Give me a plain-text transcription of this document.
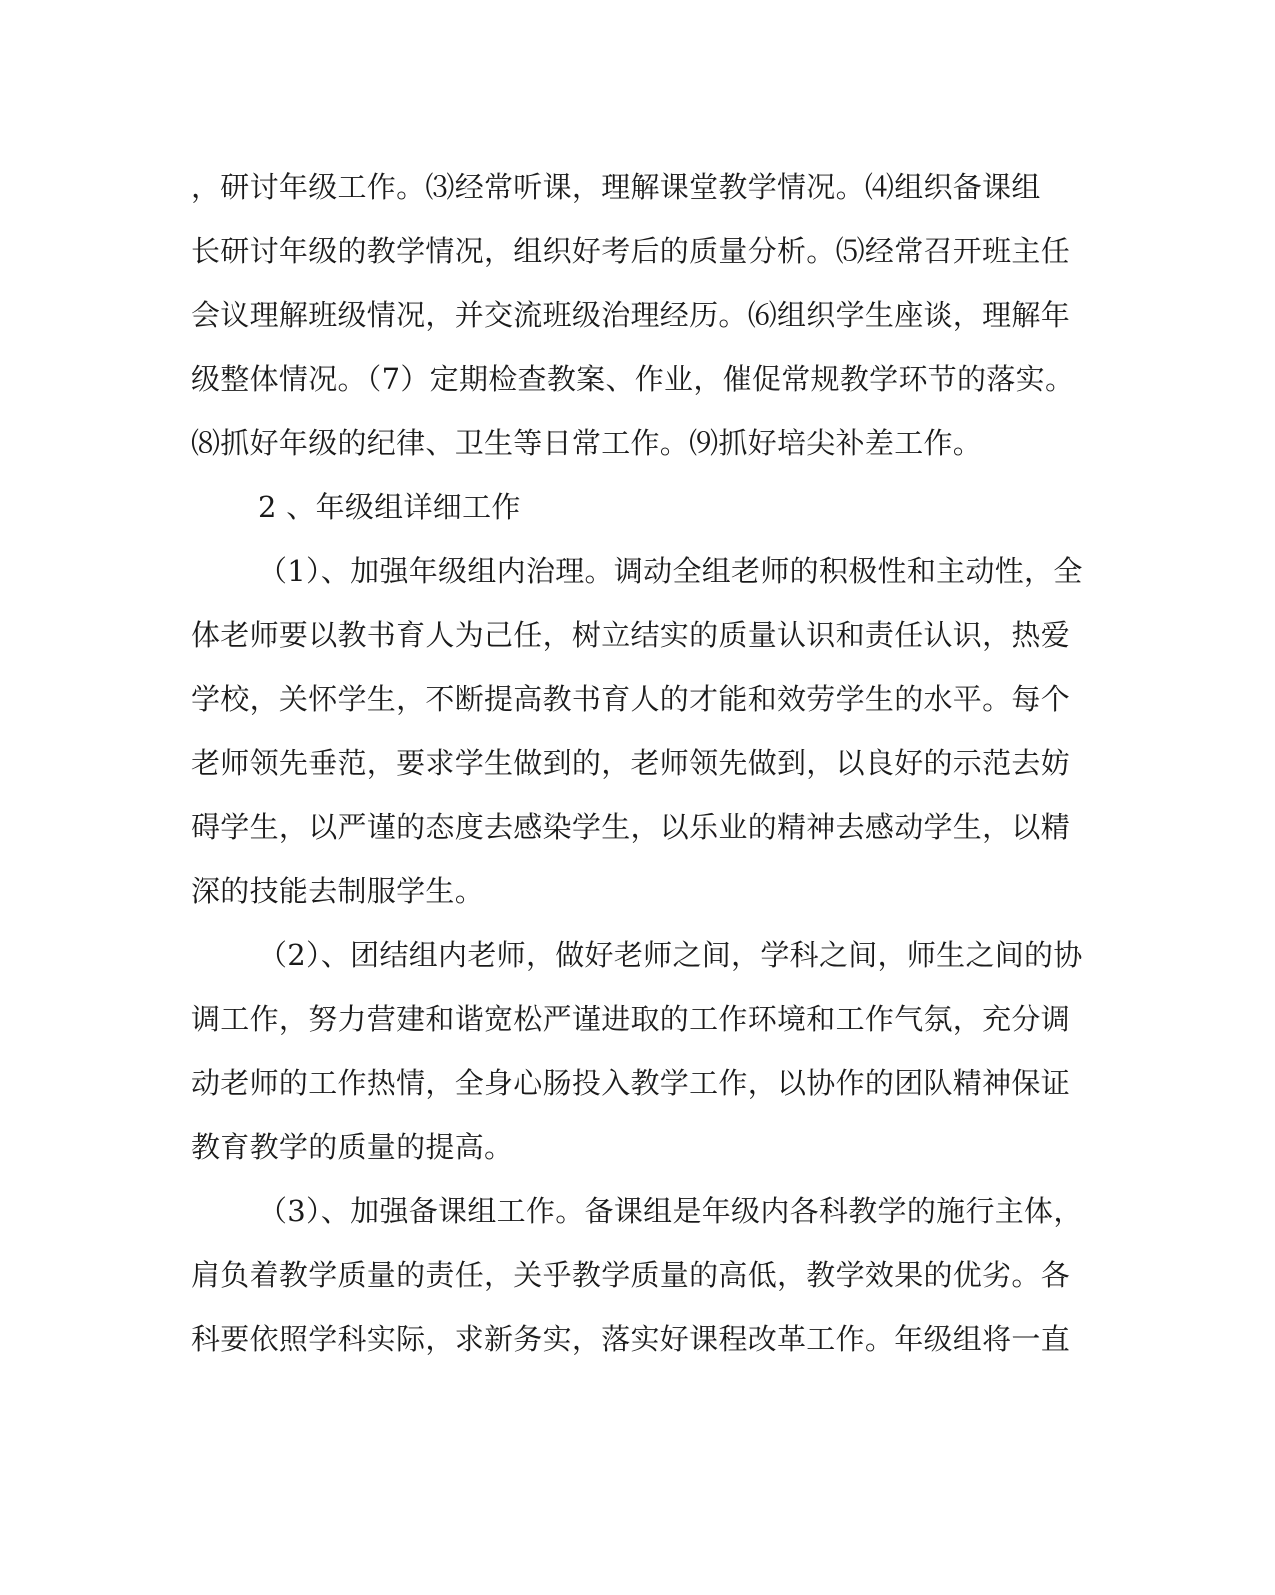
，研讨年级工作。⑶经常听课，理解课堂教学情况。⑷组织备课组
长研讨年级的教学情况，组织好考后的质量分析。⑸经常召开班主任
会议理解班级情况，并交流班级治理经历。⑹组织学生座谈，理解年
级整体情况。（7）定期检查教案、作业，催促常规教学环节的落实。
⑻抓好年级的纪律、卫生等日常工作。⑼抓好培尖补差工作。
2 、年级组详细工作
（1）、加强年级组内治理。调动全组老师的积极性和主动性，全
体老师要以教书育人为己任，树立结实的质量认识和责任认识，热爱
学校，关怀学生，不断提高教书育人的才能和效劳学生的水平。每个
老师领先垂范，要求学生做到的，老师领先做到，以良好的示范去妨
碍学生，以严谨的态度去感染学生，以乐业的精神去感动学生，以精
深的技能去制服学生。
（2）、团结组内老师，做好老师之间，学科之间，师生之间的协
调工作，努力营建和谐宽松严谨进取的工作环境和工作气氛，充分调
动老师的工作热情，全身心肠投入教学工作，以协作的团队精神保证
教育教学的质量的提高。
（3）、加强备课组工作。备课组是年级内各科教学的施行主体，
肩负着教学质量的责任，关乎教学质量的高低，教学效果的优劣。各
科要依照学科实际，求新务实，落实好课程改革工作。年级组将一直
